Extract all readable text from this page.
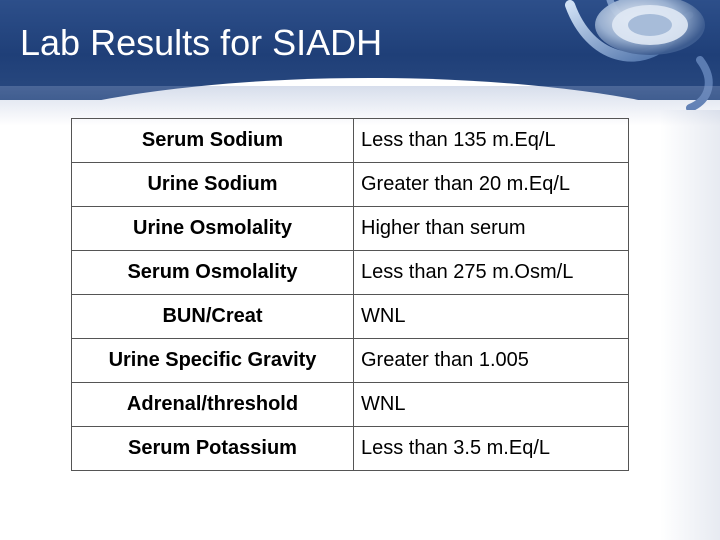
Lab Results for SIADH
Serum Sodium	Less than 135 m.Eq/L
Urine Sodium	Greater than 20 m.Eq/L
Urine Osmolality	Higher than serum
Serum Osmolality	Less than 275 m.Osm/L
BUN/Creat	WNL
Urine Specific Gravity	Greater than 1.005
Adrenal/threshold	WNL
Serum Potassium	Less than 3.5 m.Eq/L
